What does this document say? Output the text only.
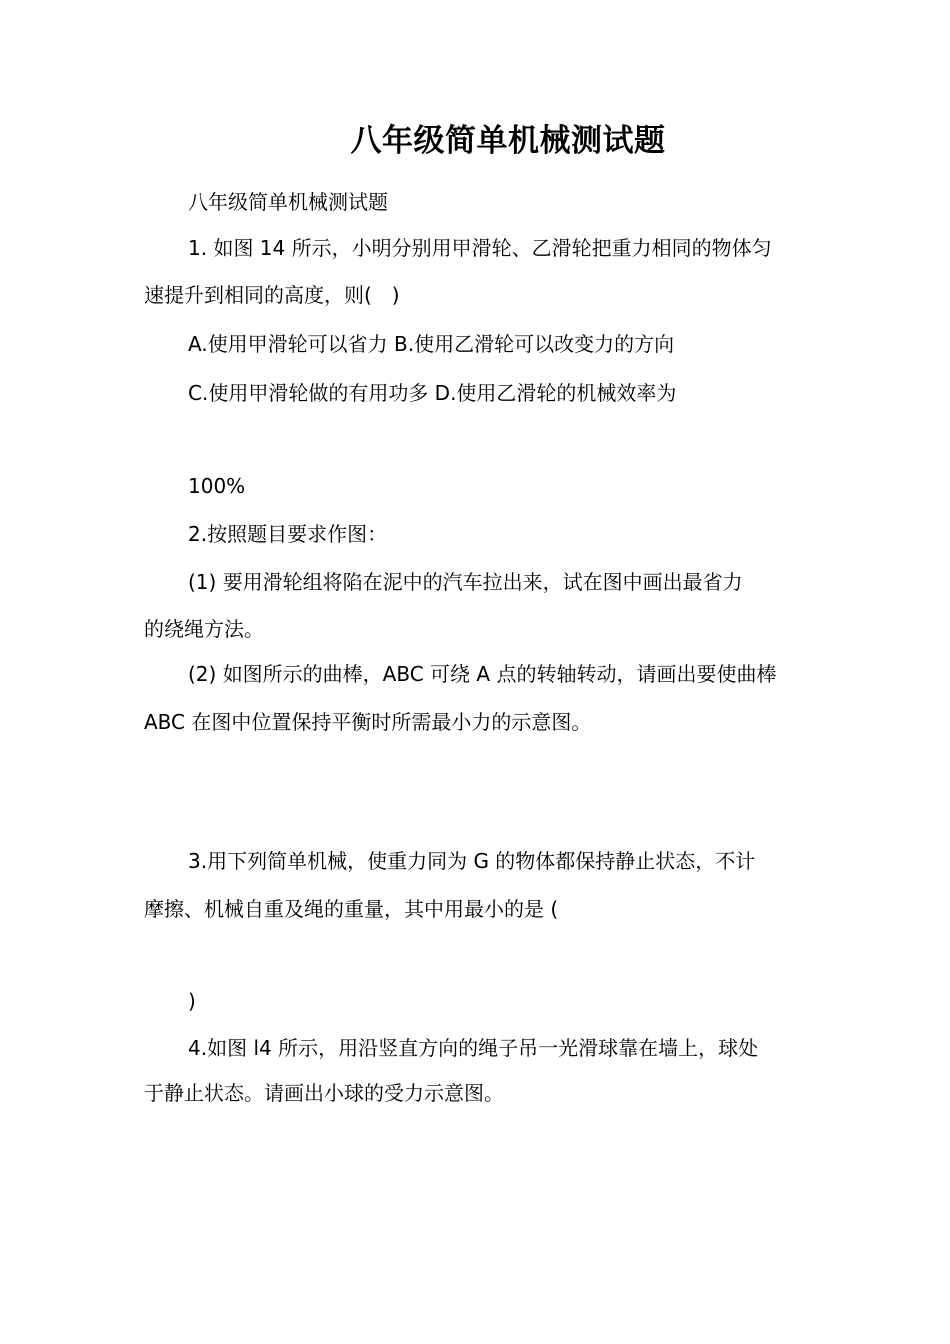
八年级简单机械测试题
八年级简单机械测试题
1. 如图 14 所示，小明分别用甲滑轮、乙滑轮把重力相同的物体匀
速提升到相同的高度，则(　)
A.使用甲滑轮可以省力 B.使用乙滑轮可以改变力的方向
C.使用甲滑轮做的有用功多 D.使用乙滑轮的机械效率为
100%
2.按照题目要求作图：
(1) 要用滑轮组将陷在泥中的汽车拉出来，试在图中画出最省力
的绕绳方法。
(2) 如图所示的曲棒，ABC 可绕 A 点的转轴转动，请画出要使曲棒
ABC 在图中位置保持平衡时所需最小力的示意图。
3.用下列简单机械，使重力同为 G 的物体都保持静止状态，不计
摩擦、机械自重及绳的重量，其中用最小的是 (
)
4.如图 l4 所示，用沿竖直方向的绳子吊一光滑球靠在墙上，球处
于静止状态。请画出小球的受力示意图。
